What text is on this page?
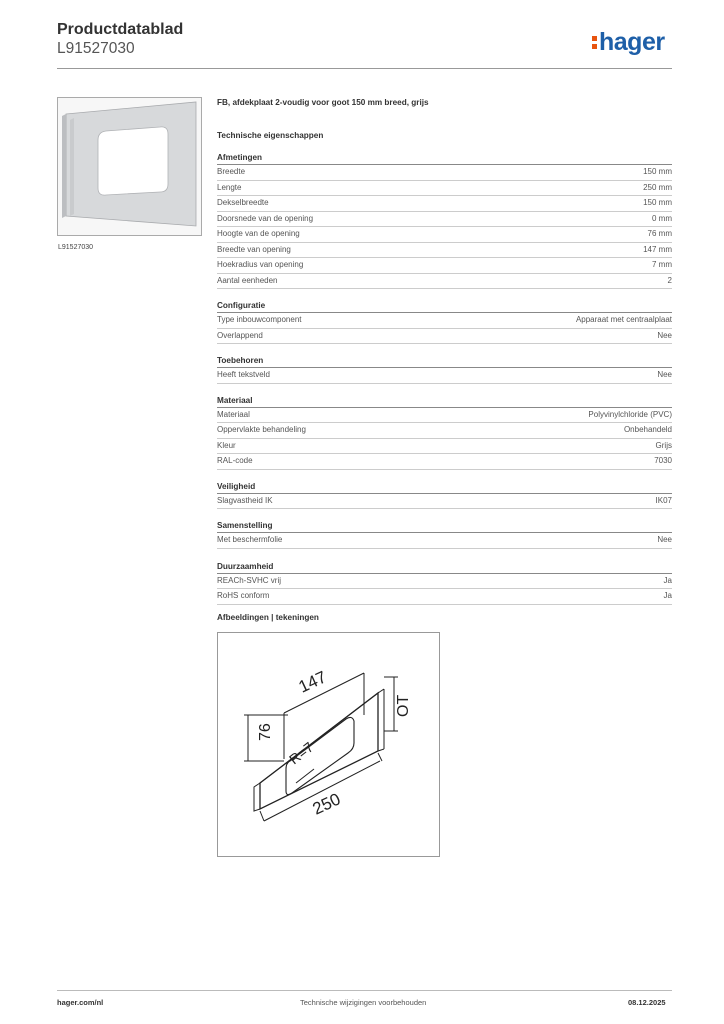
Productdatablad
L91527030	hager
L91527030
FB, afdekplaat 2-voudig voor goot 150 mm breed, grijs
Technische eigenschappen
Afmetingen
Breedte	150 mm
Lengte	250 mm
Dekselbreedte	150 mm
Doorsnede van de opening	0 mm
Hoogte van de opening	76 mm
Breedte van opening	147 mm
Hoekradius van opening	7 mm
Aantal eenheden	2
Configuratie
Type inbouwcomponent	Apparaat met centraalplaat
Overlappend	Nee
Toebehoren
Heeft tekstveld	Nee
Materiaal
Materiaal	Polyvinylchloride (PVC)
Oppervlakte behandeling	Onbehandeld
Kleur	Grijs
RAL-code	7030
Veiligheid
Slagvastheid IK	IK07
Samenstelling
Met beschermfolie	Nee
Duurzaamheid
REACh-SVHC vrij	Ja
RoHS conform	Ja
Afbeeldingen | tekeningen
147
76
R=7
250
OT
hager.com/nl	Technische wijzigingen voorbehouden	08.12.2025
